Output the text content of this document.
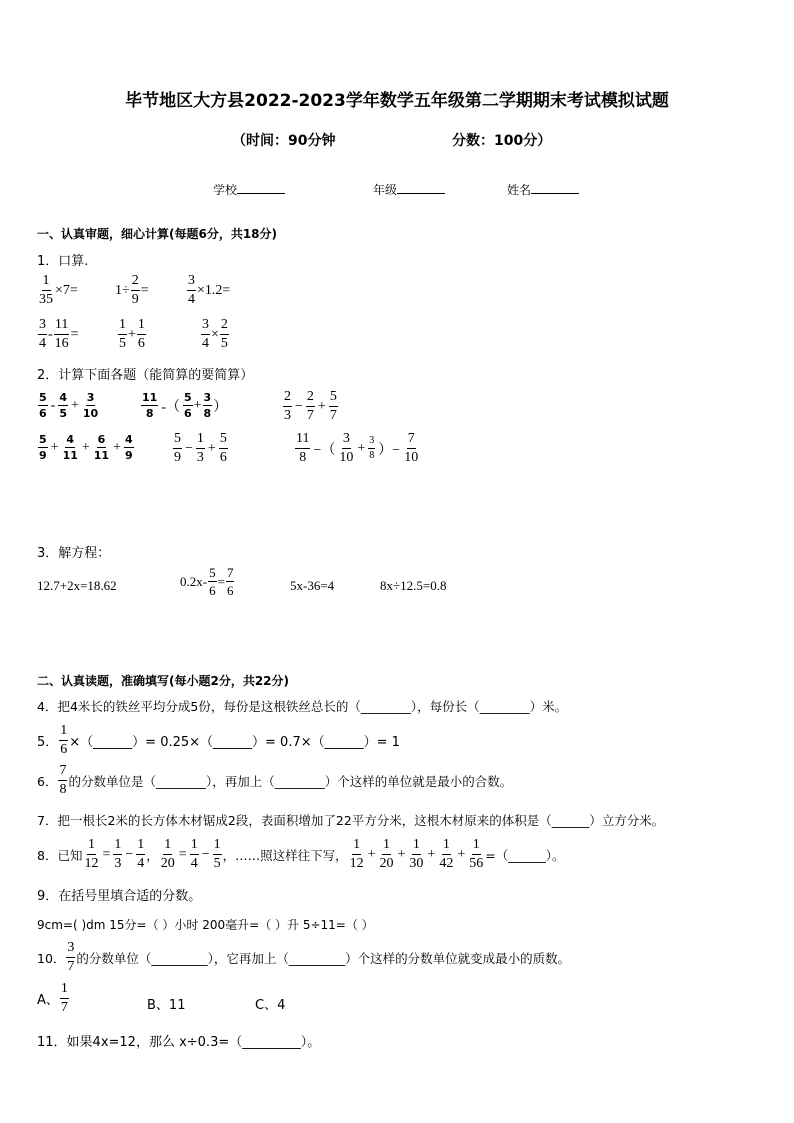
毕节地区大方县2022-2023学年数学五年级第二学期期末考试模拟试题
（时间：90分钟	分数：100分）
学校	年级	姓名
一、认真审题，细心计算(每题6分，共18分)
1．口算.
$\frac{1}{35} \times 7=$	$1\div \frac{2}{9}$ =	$\frac{3}{4} \times 1.2=$
$\frac{3}{4} - \frac{11}{16}$ =	$\frac{1}{5} + \frac{1}{6}$	$\frac{3}{4} \times \frac{2}{5}$
2．计算下面各题（能简算的要简算）
$\frac{5}{6} - \frac{4}{5} + \frac{3}{10}$	$\frac{11}{8}$ -（ $\frac{5}{6} + \frac{3}{8}$ ）	$\frac{2}{3} - \frac{2}{7} + \frac{5}{7}$
$\frac{5}{9} + \frac{4}{11} + \frac{6}{11} + \frac{4}{9}$	$\frac{5}{9} - \frac{1}{3} + \frac{5}{6}$	$\frac{11}{8}$ −（ $\frac{3}{10} + \frac{3}{8}$ ）− $\frac{7}{10}$
3．解方程：
12.7+2x=18.62	$0.2x- \frac{5}{6} = \frac{7}{6}$	5x-36=4	8x÷12.5=0.8
二、认真读题，准确填写(每小题2分，共22分)
4．把4米长的铁丝平均分成5份，每份是这根铁丝总长的（________），每份长（________）米。
5． $\frac{1}{6}$ ×（______）= 0.25×（______）= 0.7×（______）= 1
6． $\frac{7}{8}$ 的分数单位是（________），再加上（________）个这样的单位就是最小的合数。
7．把一根长2米的长方体木材锯成2段，表面积增加了22平方分米，这根木材原来的体积是（______）立方分米。
8．已知 $\frac{1}{12} = \frac{1}{3} - \frac{1}{4}$ ， $\frac{1}{20} = \frac{1}{4} - \frac{1}{5}$ ，……照这样往下写， $\frac{1}{12} + \frac{1}{20} + \frac{1}{30} + \frac{1}{42} + \frac{1}{56}$ =（______）。
9．在括号里填合适的分数。
9cm=( )dm 15分=（ ）小时 200毫升=（ ）升 5÷11=（ ）
10． $\frac{3}{7}$ 的分数单位（_________），它再加上（_________）个这样的分数单位就变成最小的质数。
A、 $\frac{1}{7}$	B、11	C、4
11．如果4x=12，那么 x÷0.3=（_________）。
